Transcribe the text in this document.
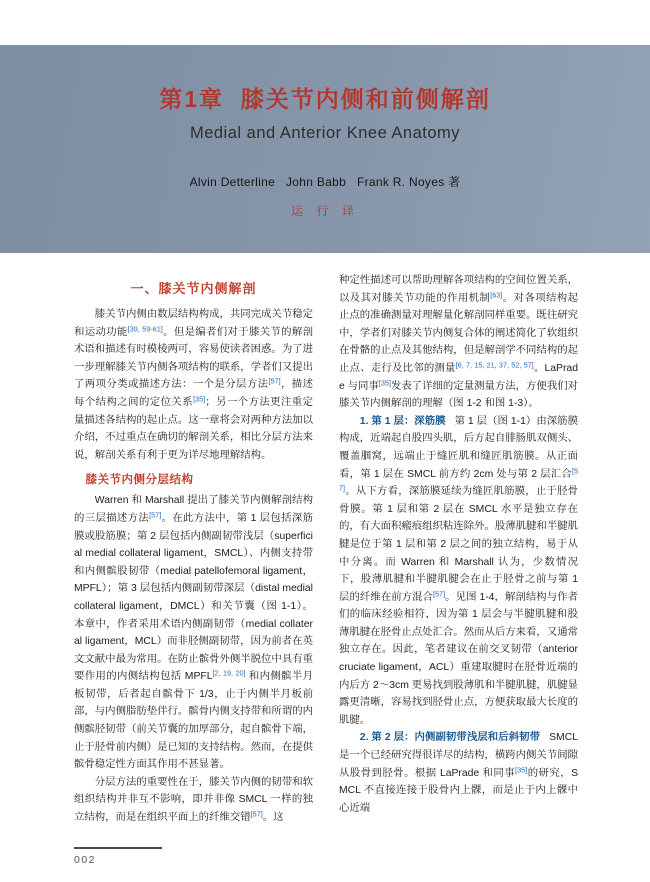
第1章  膝关节内侧和前侧解剖
Medial and Anterior Knee Anatomy
Alvin Detterline   John Babb   Frank R. Noyes 著
运 行 译
一、膝关节内侧解剖

膝关节内侧由数层结构构成，共同完成关节稳定和运动功能[39, 59-61]。但是编者们对于膝关节的解剖术语和描述有时模棱两可，容易使读者困惑。为了进一步理解膝关节内侧各项结构的联系，学者们又提出了两项分类或描述方法：一个是分层方法[57]，描述每个结构之间的定位关系[35]；另一个方法更注重定量描述各结构的起止点。这一章将会对两种方法加以介绍，不过重点在确切的解剖关系，相比分层方法来说，解剖关系有利于更为详尽地理解结构。

膝关节内侧分层结构

Warren 和 Marshall 提出了膝关节内侧解剖结构的三层描述方法[57]。在此方法中，第 1 层包括深筋膜或股筋膜；第 2 层包括内侧副韧带浅层（superficial medial collateral ligament，SMCL）、内侧支持带和内侧髌股韧带（medial patellofemoral ligament，MPFL）；第 3 层包括内侧副韧带深层（distal medial collateral ligament，DMCL）和关节囊（图 1-1）。本章中，作者采用术语内侧副韧带（medial collateral ligament，MCL）而非胫侧副韧带，因为前者在英文文献中最为常用。在防止髌骨外侧半脱位中具有重要作用的内侧结构包括 MPFL[2, 19, 20] 和内侧髌半月板韧带，后者起自髌骨下 1/3，止于内侧半月板前部，与内侧脂肪垫伴行。髌骨内侧支持带和所谓的内侧髌胫韧带（前关节囊的加厚部分，起自髌骨下端，止于胫骨前内侧）是已知的支持结构。然而，在提供髌骨稳定性方面其作用不甚显著。

分层方法的重要性在于，膝关节内侧的韧带和软组织结构并非互不影响，即并非像 SMCL 一样的独立结构，而是在组织平面上的纤维交错[57]。这

种定性描述可以帮助理解各项结构的空间位置关系，以及其对膝关节功能的作用机制[63]。对各项结构起止点的准确测量对理解量化解剖同样重要。既往研究中，学者们对膝关节内侧复合体的阐述简化了软组织在骨骼的止点及其他结构，但是解剖学不同结构的起止点、走行及比邻的测量[6, 7, 15, 21, 37, 52, 57]。LaPrade 与同事[35]发表了详细的定量测量方法，方便我们对膝关节内侧解剖的理解（图 1-2 和图 1-3）。

1. 第 1 层：深筋膜 第 1 层（图 1-1）由深筋膜构成，近端起自股四头肌，后方起自腓肠肌双侧头、覆盖腘窝，远端止于缝匠肌和缝匠肌筋膜。从正面看，第 1 层在 SMCL 前方约 2cm 处与第 2 层汇合[57]。从下方看，深筋膜延续为缝匠肌筋膜，止于胫骨骨膜。第 1 层和第 2 层在 SMCL 水平是独立存在的，有大面积瘢痕组织粘连除外。股薄肌腱和半腱肌腱是位于第 1 层和第 2 层之间的独立结构，易于从中分离。而 Warren 和 Marshall 认为，少数情况下，股薄肌腱和半腱肌腱会在止于胫骨之前与第 1 层的纤维在前方混合[57]。见图 1-4，解剖结构与作者们的临床经验相符，因为第 1 层会与半腱肌腱和股薄肌腱在胫骨止点处汇合。然而从后方来看，又通常独立存在。因此，笔者建议在前交叉韧带（anterior cruciate ligament，ACL）重建取腱时在胫骨近端的内后方 2～3cm 更易找到股薄肌和半腱肌腱，肌腱显露更清晰，容易找到胫骨止点，方便获取最大长度的肌腱。

2. 第 2 层：内侧副韧带浅层和后斜韧带 SMCL 是一个已经研究得很详尽的结构，横跨内侧关节间隙从股骨到胫骨。根据 LaPrade 和同事[35]的研究，SMCL 不直接连接于股骨内上髁，而是止于内上髁中心近端

002
